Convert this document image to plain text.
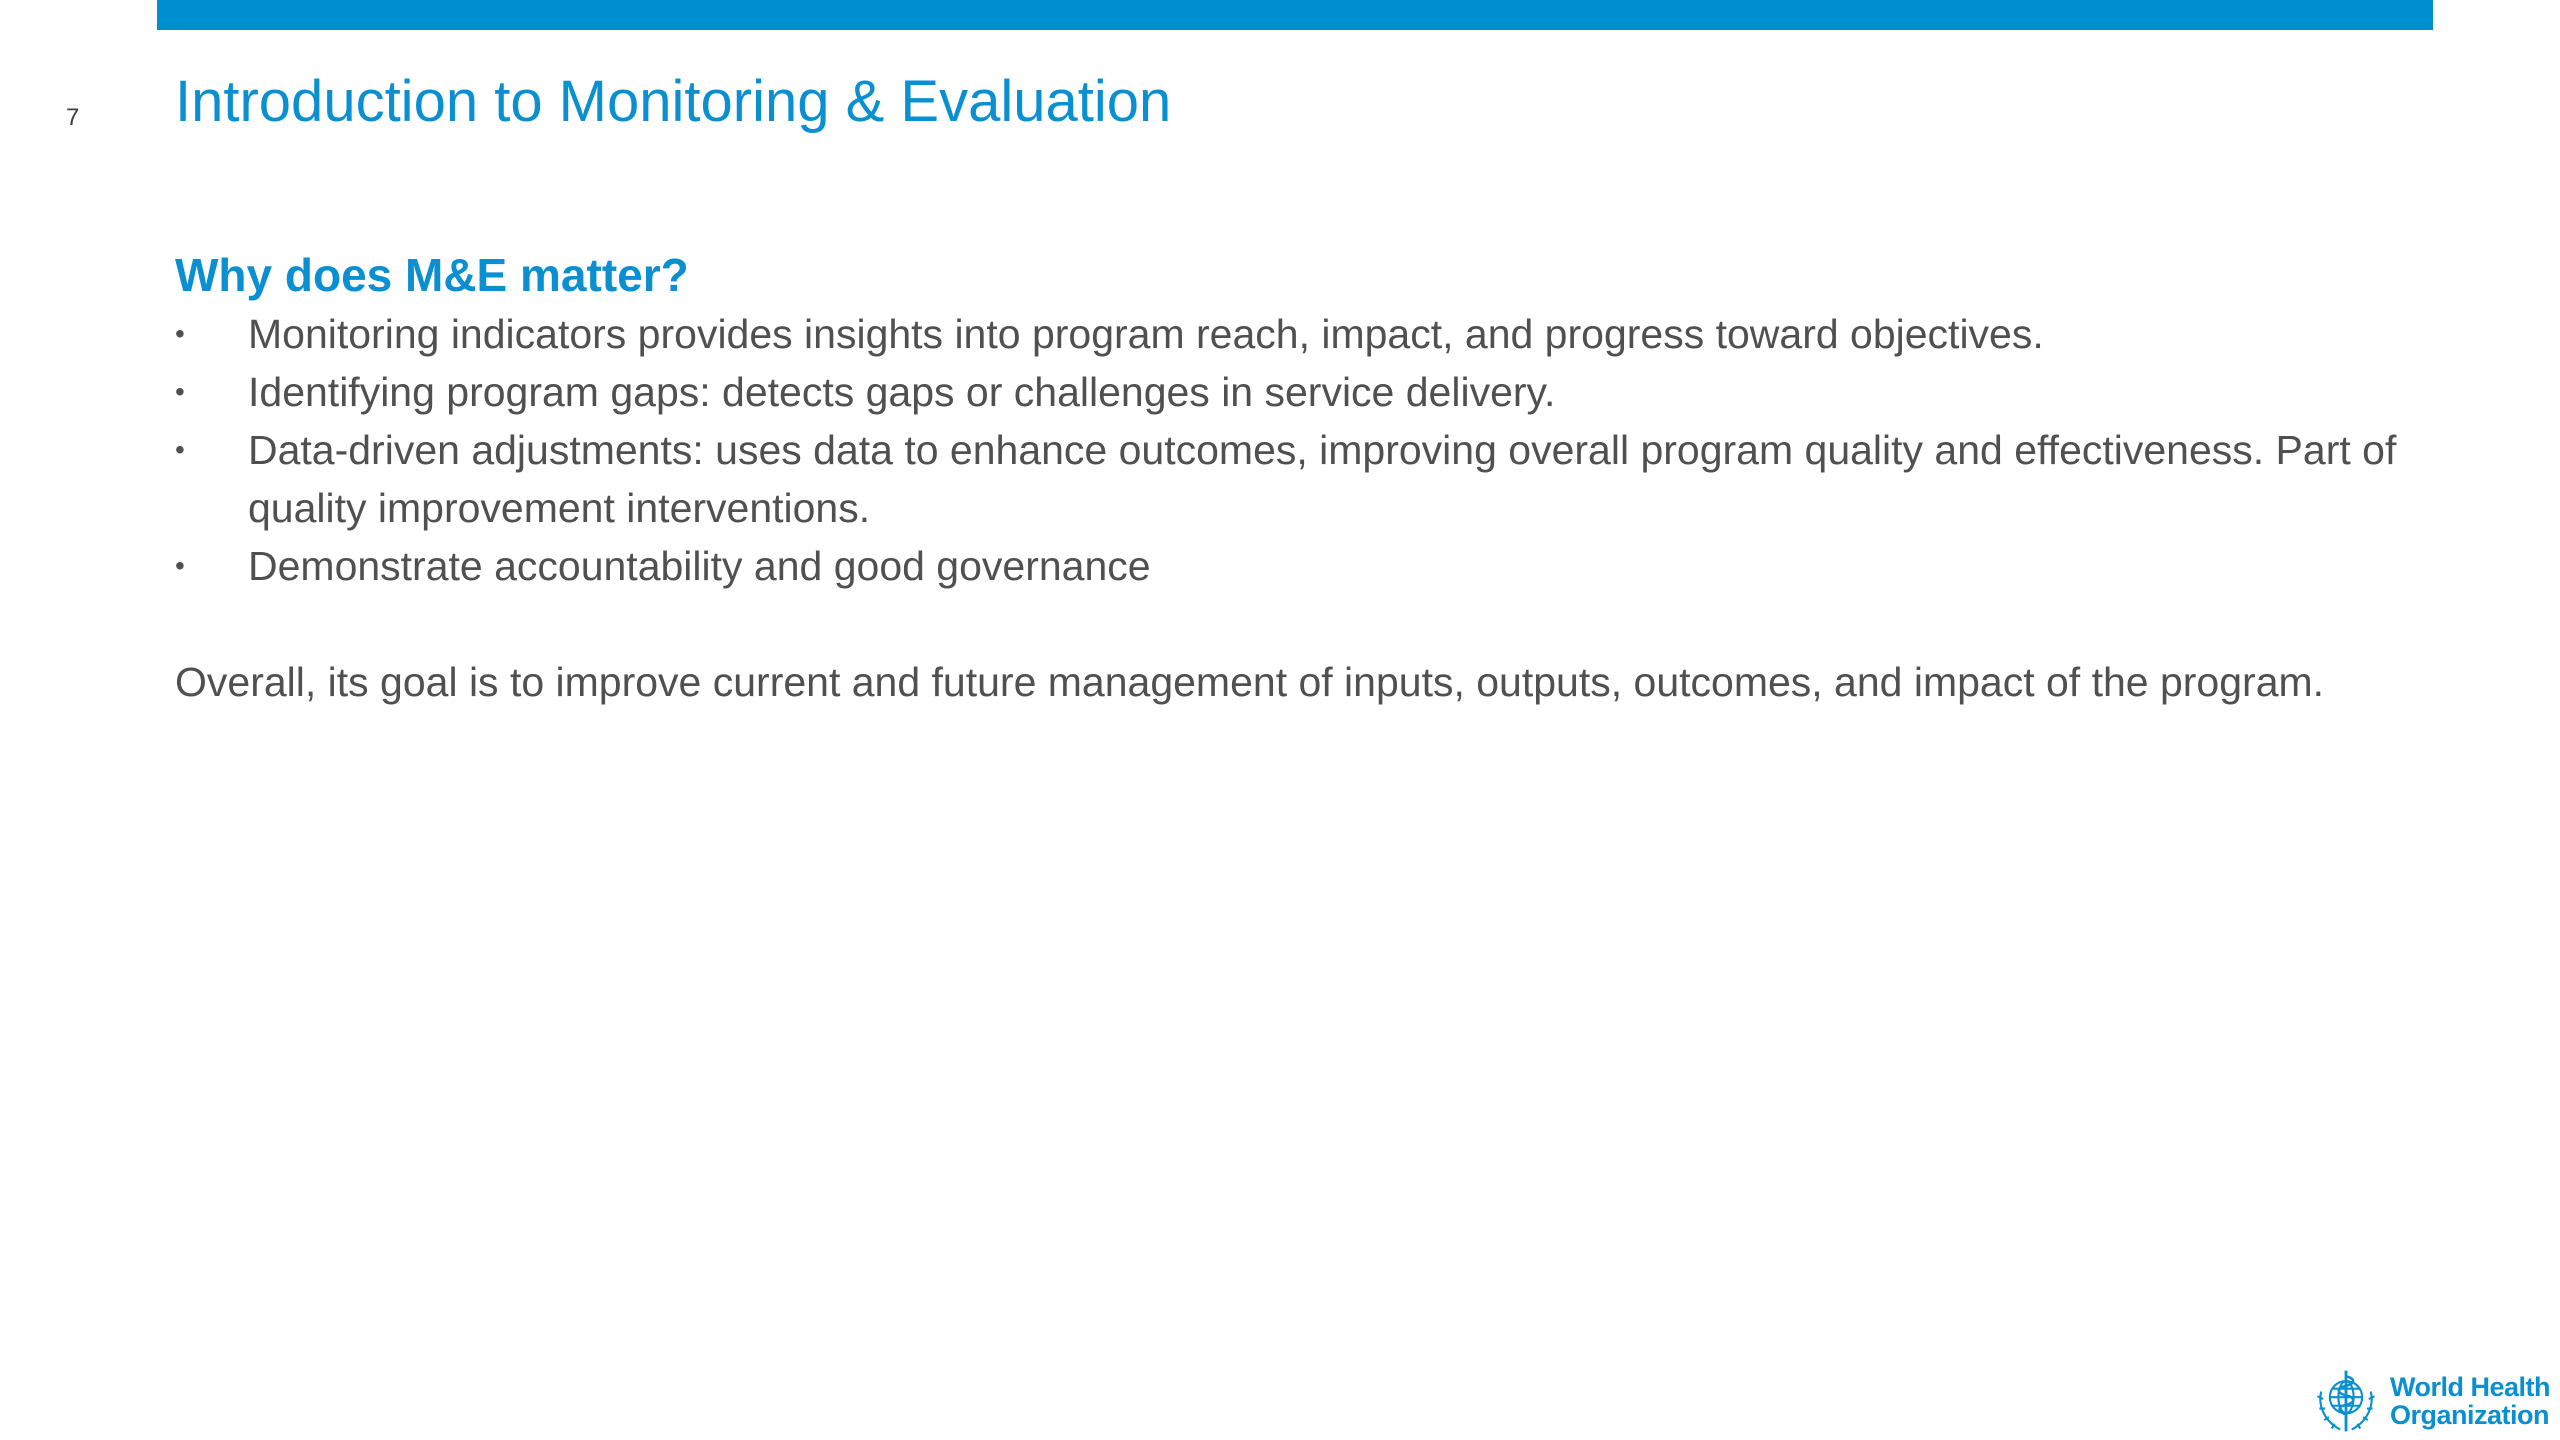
7 Introduction to Monitoring & Evaluation

Why does M&E matter?

• Monitoring indicators provides insights into program reach, impact, and progress toward objectives.
• Identifying program gaps: detects gaps or challenges in service delivery.
• Data-driven adjustments: uses data to enhance outcomes, improving overall program quality and effectiveness. Part of quality improvement interventions.
• Demonstrate accountability and good governance

Overall, its goal is to improve current and future management of inputs, outputs, outcomes, and impact of the program.

World Health
Organization
